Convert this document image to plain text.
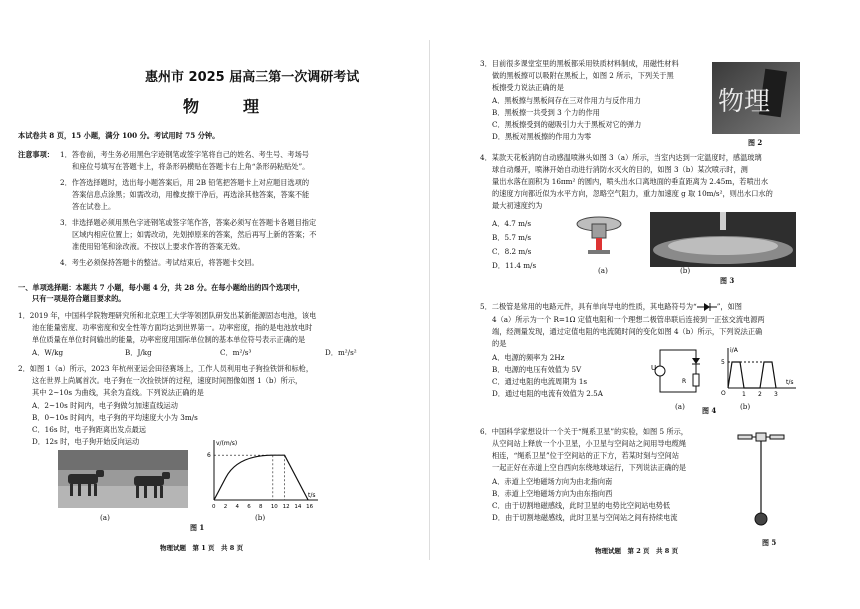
惠州市 2025 届高三第一次调研考试
物　理
本试卷共 8 页，15 小题，满分 100 分。考试用时 75 分钟。
注意事项： 1．答卷前，考生务必用黑色字迹钢笔或签字笔将自己的姓名、考生号、考场号
和座位号填写在答题卡上，将条形码横贴在答题卡右上角“条形码粘贴处”。
2．作答选择题时，选出每小题答案后，用 2B 铅笔把答题卡上对应题目选项的
答案信息点涂黑；如需改动，用橡皮擦干净后，再选涂其他答案，答案不能
答在试卷上。
3．非选择题必须用黑色字迹钢笔或签字笔作答，答案必须写在答题卡各题目指定
区域内相应位置上；如需改动，先划掉原来的答案，然后再写上新的答案；不
准使用铅笔和涂改液。不按以上要求作答的答案无效。
4．考生必须保持答题卡的整洁。考试结束后，将答题卡交回。
一、单项选择题：本题共 7 小题，每小题 4 分，共 28 分。在每小题给出的四个选项中，
只有一项是符合题目要求的。
1．2019 年，中国科学院物理研究所和北京理工大学等领团队研发出某新能源固态电池，该电
池在能量密度、功率密度和安全性等方面均达到世界第一。功率密度，指的是电池放电时
单位质量在单位时间输出的能量，功率密度用国际单位制的基本单位符号表示正确的是
A．W/kg	B．J/kg	C．m²/s³	D．m²/s²
2．如图 1（a）所示，2023 年杭州亚运会田径赛场上，工作人员利用电子狗捡铁饼和标枪，
这在世界上尚属首次。电子狗在一次捡铁饼的过程，速度时间图像如图 1（b）所示，
其中 2~10s 为曲线，其余为直线。下列说法正确的是
A．2~10s 时间内，电子狗做匀加速直线运动
B．0~10s 时间内，电子狗的平均速度大小为 3m/s
C．16s 时，电子狗距离出发点最远
D．12s 时，电子狗开始反向运动
(a)
v/(m/s)
t/s
6
0 2 4 6 8 10 12 14 16
(b)
图 1
物理试题　第 1 页　共 8 页
3．目前很多课堂室里的黑板都采用铁质材料制成，用磁性材料
做的黑板擦可以吸附在黑板上，如图 2 所示，下列关于黑
板擦受力说法正确的是
A．黑板擦与黑板间存在三对作用力与反作用力
B．黑板擦一共受到 3 个力的作用
C．黑板擦受到的磁吸引力大于黑板对它的弹力
D．黑板对黑板擦的作用力为零
物理
图 2
4．某款天花板消防自动感温喷淋头如图 3（a）所示，当室内达到一定温度时，感温玻璃
球自动爆开，喷淋开始自动进行消防水灭火的目的，如图 3（b）某次喷示时，测
量出水落在面积为 16πm² 的圆内，喷头出水口离地面的垂直距离为 2.45m，若喷出水
的速度方向都近似为水平方向，忽略空气阻力，重力加速度 g 取 10m/s²，则出水口水的
最大初速度约为
A．4.7 m/s
B．5.7 m/s
C．8.2 m/s
D．11.4 m/s
(a)	(b)
图 3
5．二极管是常用的电路元件，具有单向导电的性质，其电路符号为“	”，如图
4（a）所示为一个 R=1Ω 定值电阻和一个理想二极管串联后连接到一正弦交流电源两
端，经测量发现，通过定值电阻的电流随时间的变化如图 4（b）所示，下列说法正确
的是
A．电源的频率为 2Hz
B．电源的电压有效值为 5V
C．通过电阻的电流周期为 1s
D．通过电阻的电流有效值为 2.5A
U
R
(a)
i/A
t/s
5
O	1 2 3
(b)
图 4
6．中国科学家想设计一个关于“绳系卫星”的实验，如图 5 所示，
从空间站上释放一个小卫星，小卫星与空间站之间用导电缆绳
相连，“绳系卫星”位于空间站的正下方，若某时刻与空间站
一起正好在赤道上空自西向东绕地球运行，下列说法正确的是
A．赤道上空地磁场方向为由北指向南
B．赤道上空地磁场方向为由东指向西
C．由于切割地磁感线，此时卫星的电势比空间站电势低
D．由于切割地磁感线，此时卫星与空间站之间有持续电流
图 5
物理试题　第 2 页　共 8 页
